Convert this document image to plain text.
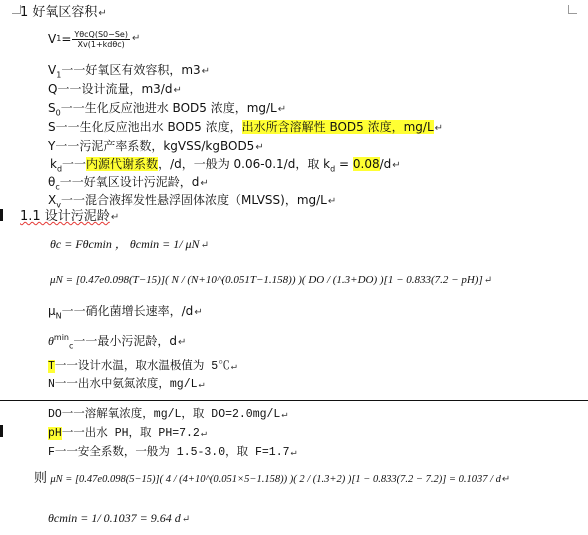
1 好氧区容积↵
V $1 = \frac{\text{YθcQ(S0−Se)}}{\text{Xv(1+kdθc)}}$ ↵
$V_1$一一好氧区有效容积，m3↵
Q一一设计流量，m3/d↵
$S_0$一一生化反应池进水 BOD5 浓度，mg/L↵
S一一生化反应池出水 BOD5 浓度，出水所含溶解性 BOD5 浓度，mg/L↵
Y一一污泥产率系数，kgVSS/kgBOD5↵
$k_d$一一内源代谢系数，/d，一般为 0.06-0.1/d，取 $k_d$ = 0.08/d↵
$\theta_c$一一好氧区设计污泥龄，d↵
$X_v$一一混合液挥发性悬浮固体浓度（MLVSS)，mg/L↵
1.1 设计污泥龄↵
θc = Fθcmin ， θcmin = 1/ μN↵
μN = [0.47e0.098(T−15)]( N / (N+10^(0.051T−1.158)) )( DO / (1.3+DO) )[1 − 0.833(7.2 − pH)]↵
$\mu_N$一一硝化菌增长速率，/d↵
$\theta^{min}_c$一一最小污泥龄，d↵
T一一设计水温，取水温极值为 5℃↵
N一一出水中氨氮浓度，mg/L↵
DO一一溶解氧浓度，mg/L，取 DO=2.0mg/L↵
pH一一出水 PH，取 PH=7.2↵
F一一安全系数，一般为 1.5-3.0，取 F=1.7↵
则 μN = [0.47e0.098(5−15)]( 4 / (4+10^(0.051×5−1.158)) )( 2 / (1.3+2) )[1 − 0.833(7.2 − 7.2)] = 0.1037 / d↵
θcmin = 1/ 0.1037 = 9.64 d↵
